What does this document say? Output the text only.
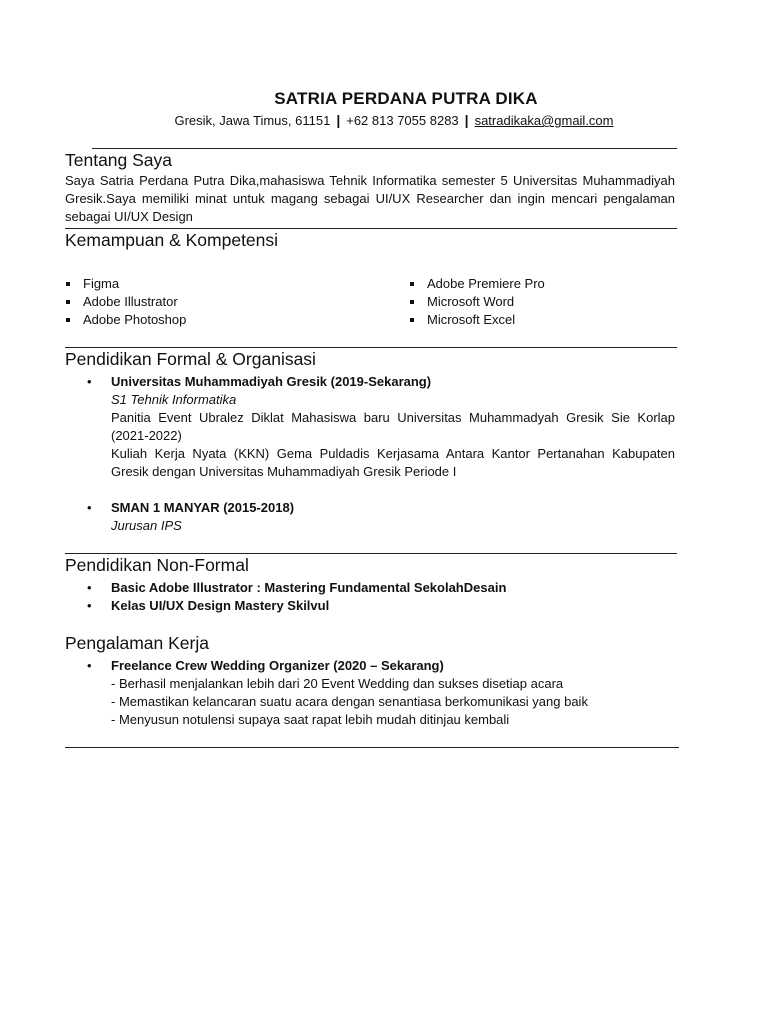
SATRIA PERDANA PUTRA DIKA
Gresik, Jawa Timus, 61151 | +62 813 7055 8283 | satradikaka@gmail.com
Tentang Saya
Saya Satria Perdana Putra Dika,mahasiswa Tehnik Informatika semester 5 Universitas Muhammadiyah Gresik.Saya memiliki minat untuk magang sebagai UI/UX Researcher dan ingin mencari pengalaman sebagai UI/UX Design
Kemampuan & Kompetensi
Figma
Adobe Illustrator
Adobe Photoshop
Adobe Premiere Pro
Microsoft Word
Microsoft Excel
Pendidikan Formal & Organisasi
• Universitas Muhammadiyah Gresik (2019-Sekarang)
S1 Tehnik Informatika
Panitia Event Ubralez Diklat Mahasiswa baru Universitas Muhammadyah Gresik Sie Korlap (2021-2022)
Kuliah Kerja Nyata (KKN) Gema Puldadis Kerjasama Antara Kantor Pertanahan Kabupaten Gresik dengan Universitas Muhammadiyah Gresik Periode I
• SMAN 1 MANYAR (2015-2018)
Jurusan IPS
Pendidikan Non-Formal
• Basic Adobe Illustrator : Mastering Fundamental SekolahDesain
• Kelas UI/UX Design Mastery Skilvul
Pengalaman Kerja
• Freelance Crew Wedding Organizer (2020 – Sekarang)
- Berhasil menjalankan lebih dari 20 Event Wedding dan sukses disetiap acara
- Memastikan kelancaran suatu acara dengan senantiasa berkomunikasi yang baik
- Menyusun notulensi supaya saat rapat lebih mudah ditinjau kembali
